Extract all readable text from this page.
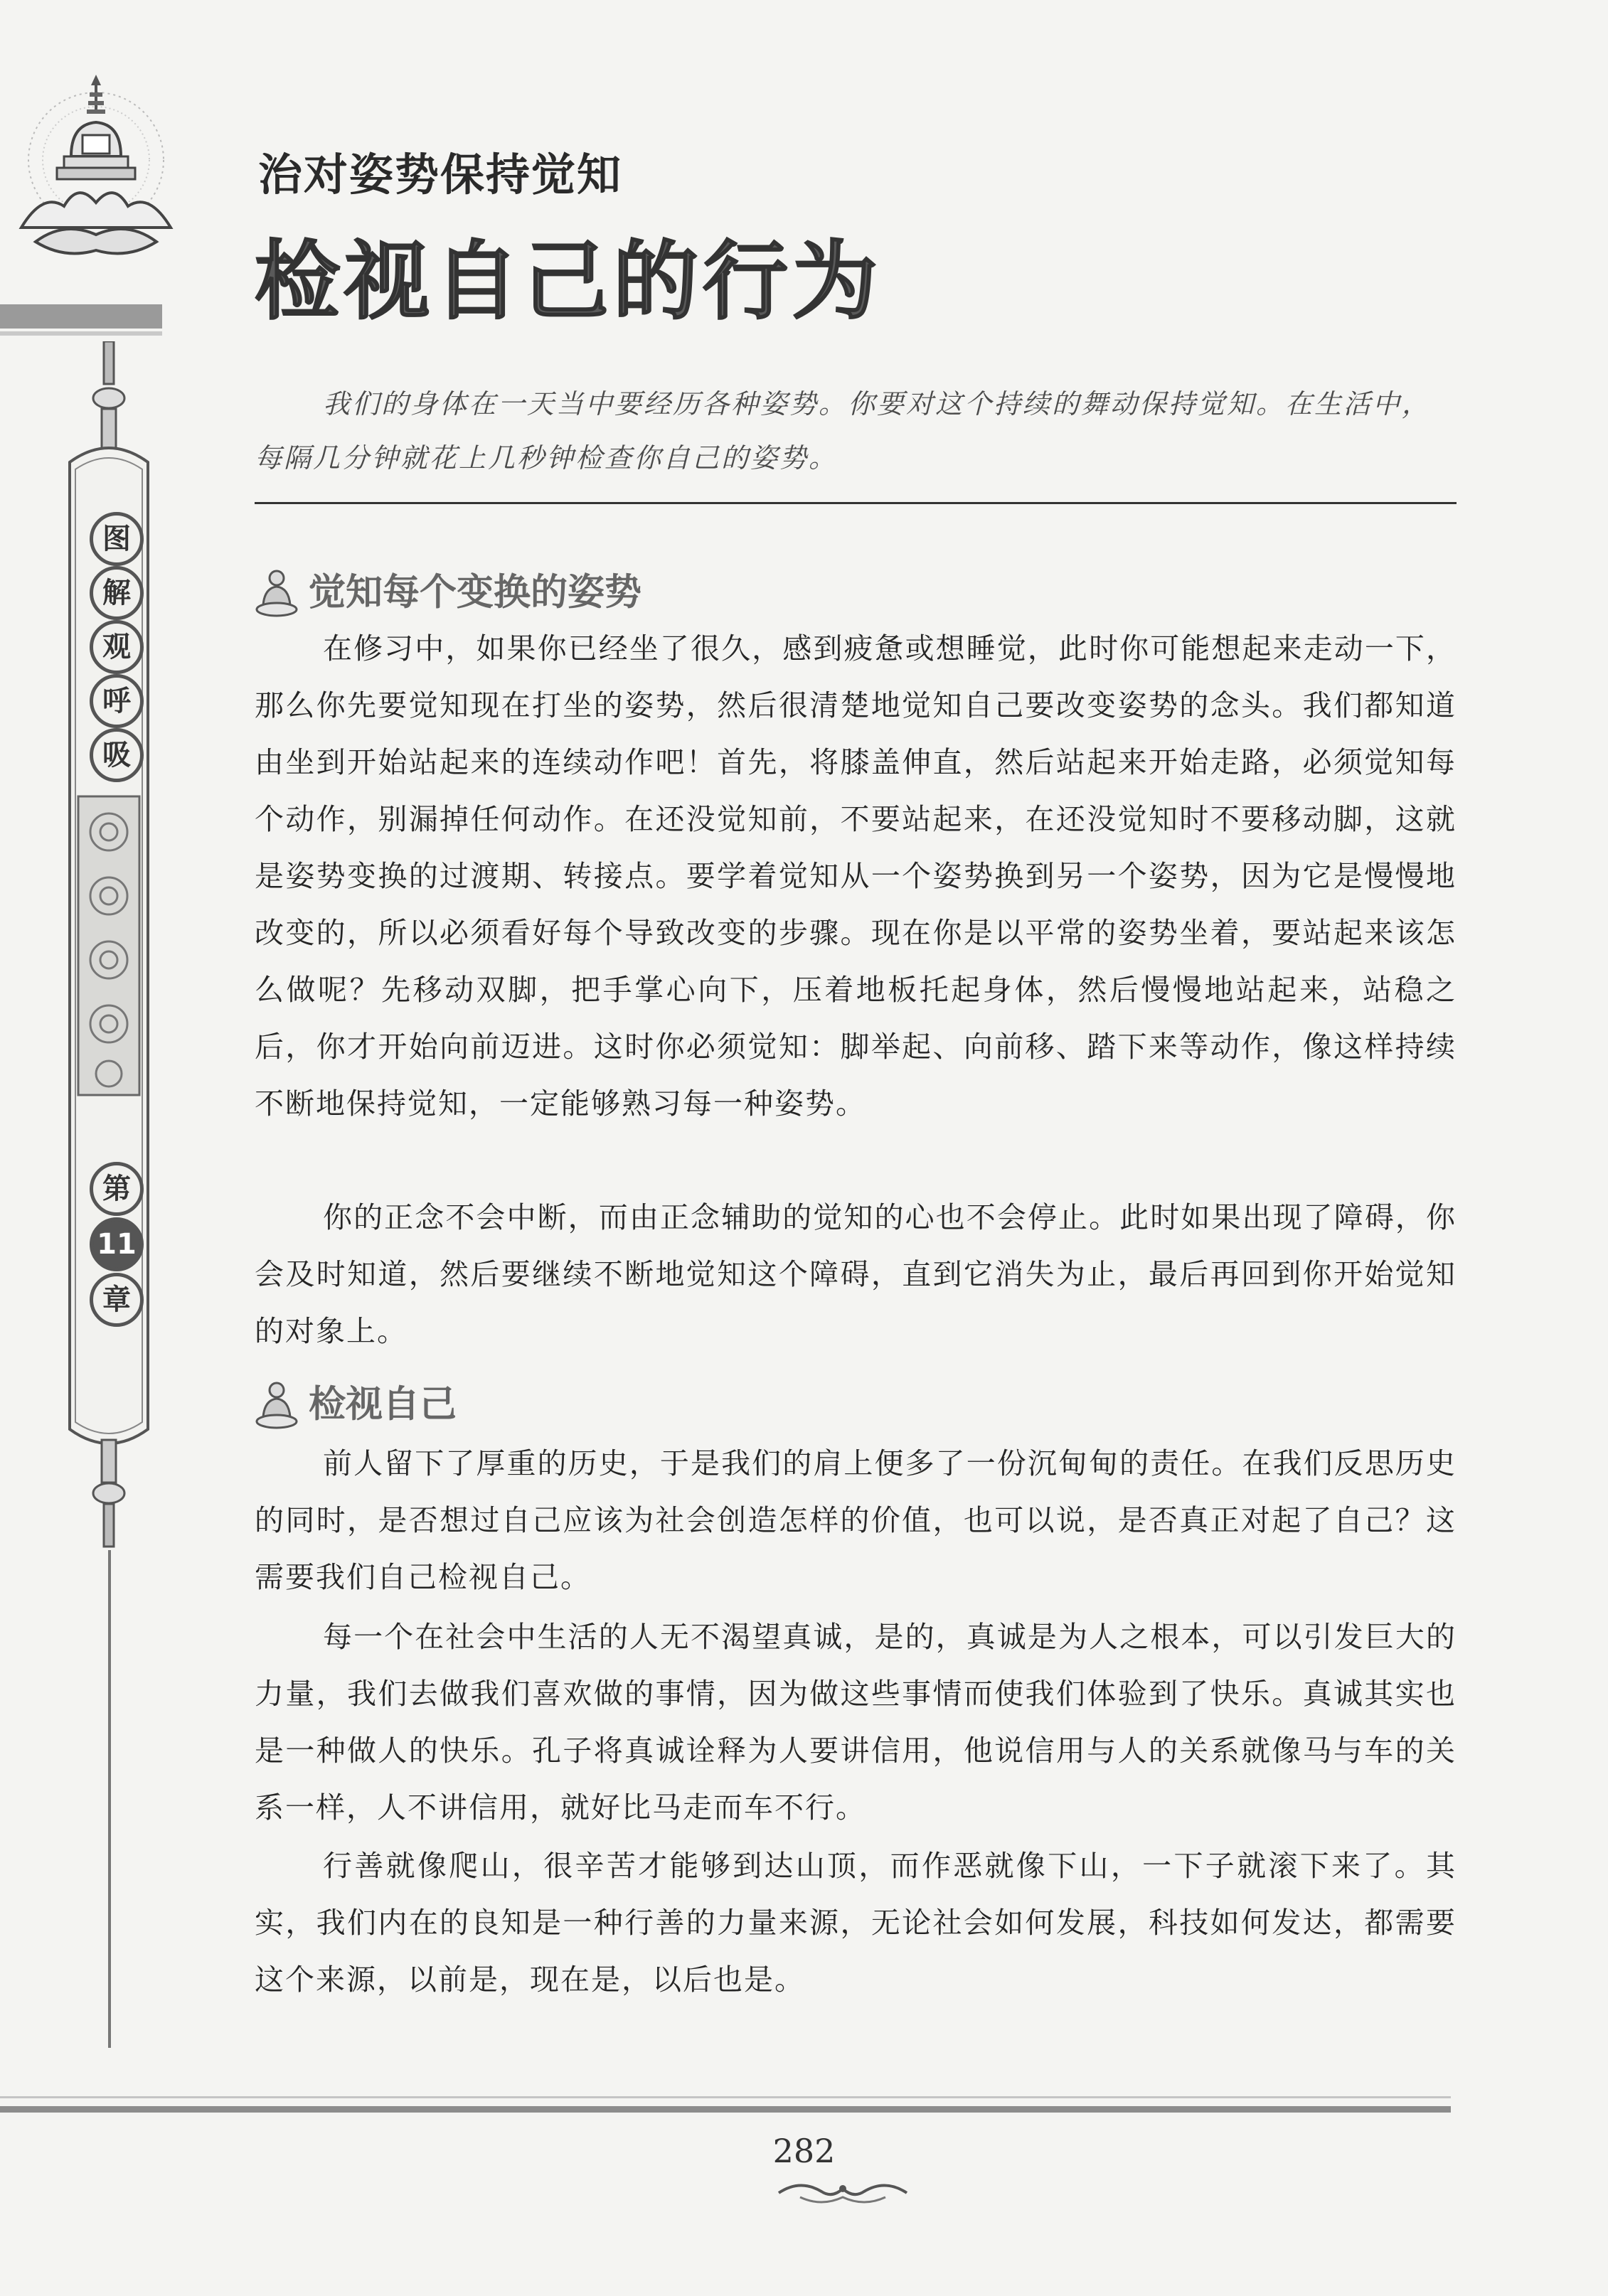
图
解
观
呼
吸
第
11
章
治对姿势保持觉知
检视自己的行为

我们的身体在一天当中要经历各种姿势。你要对这个持续的舞动保持觉知。在生活中，每隔几分钟就花上几秒钟检查你自己的姿势。

觉知每个变换的姿势

在修习中，如果你已经坐了很久，感到疲惫或想睡觉，此时你可能想起来走动一下，那么你先要觉知现在打坐的姿势，然后很清楚地觉知自己要改变姿势的念头。我们都知道由坐到开始站起来的连续动作吧！首先，将膝盖伸直，然后站起来开始走路，必须觉知每个动作，别漏掉任何动作。在还没觉知前，不要站起来，在还没觉知时不要移动脚，这就是姿势变换的过渡期、转接点。要学着觉知从一个姿势换到另一个姿势，因为它是慢慢地改变的，所以必须看好每个导致改变的步骤。现在你是以平常的姿势坐着，要站起来该怎么做呢？先移动双脚，把手掌心向下，压着地板托起身体，然后慢慢地站起来，站稳之后，你才开始向前迈进。这时你必须觉知：脚举起、向前移、踏下来等动作，像这样持续不断地保持觉知，一定能够熟习每一种姿势。

你的正念不会中断，而由正念辅助的觉知的心也不会停止。此时如果出现了障碍，你会及时知道，然后要继续不断地觉知这个障碍，直到它消失为止，最后再回到你开始觉知的对象上。

检视自己

前人留下了厚重的历史，于是我们的肩上便多了一份沉甸甸的责任。在我们反思历史的同时，是否想过自己应该为社会创造怎样的价值，也可以说，是否真正对起了自己？这需要我们自己检视自己。

每一个在社会中生活的人无不渴望真诚，是的，真诚是为人之根本，可以引发巨大的力量，我们去做我们喜欢做的事情，因为做这些事情而使我们体验到了快乐。真诚其实也是一种做人的快乐。孔子将真诚诠释为人要讲信用，他说信用与人的关系就像马与车的关系一样，人不讲信用，就好比马走而车不行。

行善就像爬山，很辛苦才能够到达山顶，而作恶就像下山，一下子就滚下来了。其实，我们内在的良知是一种行善的力量来源，无论社会如何发展，科技如何发达，都需要这个来源，以前是，现在是，以后也是。

282
